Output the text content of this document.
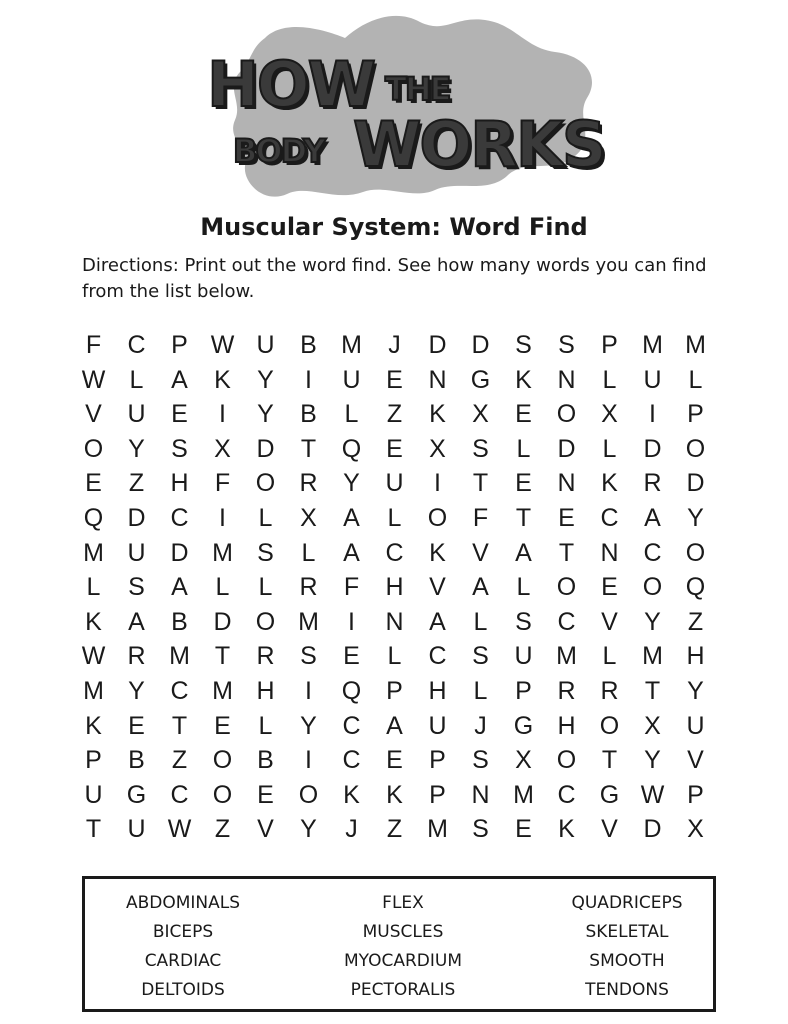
HOW THE
BODY WORKS
Muscular System: Word Find
Directions: Print out the word find. See how many words you can find from the list below.
F	C	P W U	B M	J	D D	S	S	P M M
W L	A	K	Y	I	U	E	N G K	N	L	U	L
V	U	E	I	Y	B	L	Z	K	X	E O X	I	P
O Y	S	X	D	T	Q E	X	S	L	D	L	D O
E	Z	H	F	O R	Y	U	I	T	E	N	K	R D
Q D C	I	L	X	A	L	O	F	T	E	C	A	Y
M U D M S	L	A	C	K	V	A	T	N C O
L	S	A	L	L	R	F	H	V	A	L	O E O Q
K	A	B	D O M	I	N	A	L	S	C	V	Y	Z
W R M T	R	S	E	L	C	S	U M	L	M H
M Y	C M H	I	Q P	H	L	P	R R	T	Y
K	E	T	E	L	Y	C	A	U	J	G H O X	U
P	B	Z	O B	I	C	E	P	S	X O	T	Y	V
U G C O E O K	K	P	N M C G W P
T	U W Z	V	Y	J	Z M S	E	K	V	D	X
ABDOMINALS
BICEPS
CARDIAC
DELTOIDS
FLEX
MUSCLES
MYOCARDIUM
PECTORALIS
QUADRICEPS
SKELETAL
SMOOTH
TENDONS
